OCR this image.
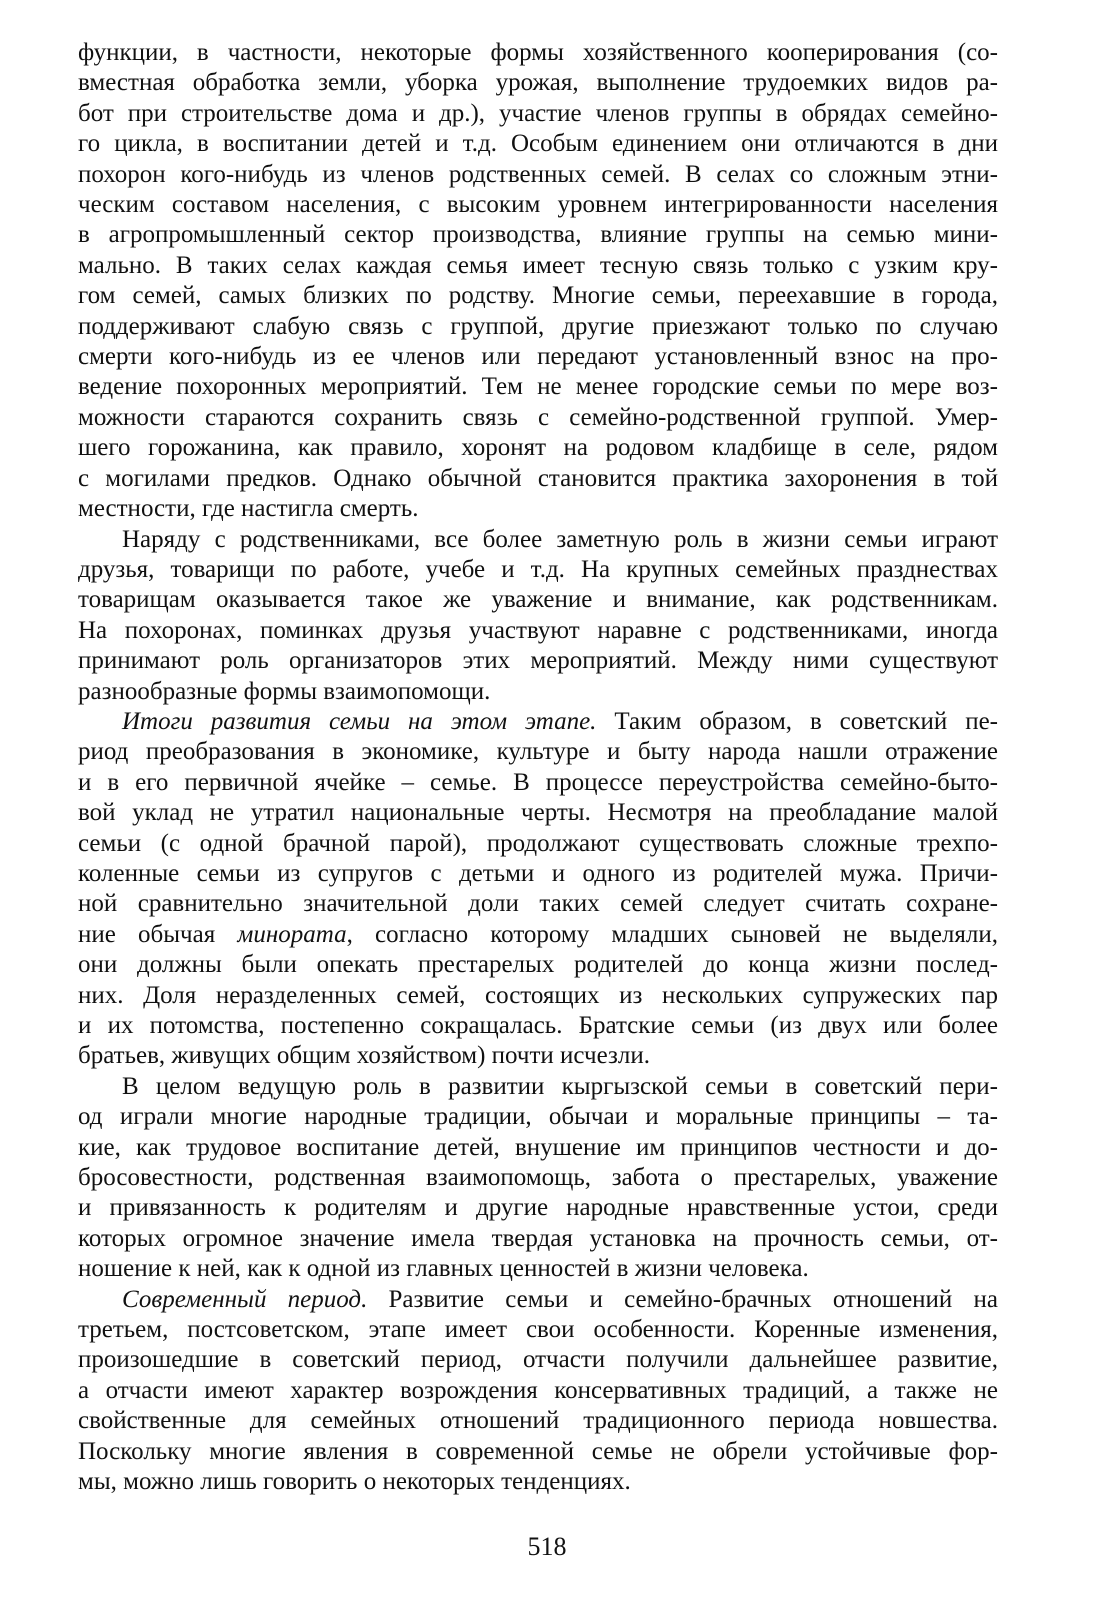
функции, в частности, некоторые формы хозяйственного кооперирования (со-
вместная обработка земли, уборка урожая, выполнение трудоемких видов ра-
бот при строительстве дома и др.), участие членов группы в обрядах семейно-
го цикла, в воспитании детей и т.д. Особым единением они отличаются в дни
похорон кого-нибудь из членов родственных семей. В селах со сложным этни-
ческим составом населения, с высоким уровнем интегрированности населения
в агропромышленный сектор производства, влияние группы на семью мини-
мально. В таких селах каждая семья имеет тесную связь только с узким кру-
гом семей, самых близких по родству. Многие семьи, переехавшие в города,
поддерживают слабую связь с группой, другие приезжают только по случаю
смерти кого-нибудь из ее членов или передают установленный взнос на про-
ведение похоронных мероприятий. Тем не менее городские семьи по мере воз-
можности стараются сохранить связь с семейно-родственной группой. Умер-
шего горожанина, как правило, хоронят на родовом кладбище в селе, рядом
с могилами предков. Однако обычной становится практика захоронения в той
местности, где настигла смерть.
Наряду с родственниками, все более заметную роль в жизни семьи играют
друзья, товарищи по работе, учебе и т.д. На крупных семейных празднествах
товарищам оказывается такое же уважение и внимание, как родственникам.
На похоронах, поминках друзья участвуют наравне с родственниками, иногда
принимают роль организаторов этих мероприятий. Между ними существуют
разнообразные формы взаимопомощи.
Итоги развития семьи на этом этапе. Таким образом, в советский пе-
риод преобразования в экономике, культуре и быту народа нашли отражение
и в его первичной ячейке – семье. В процессе переустройства семейно-быто-
вой уклад не утратил национальные черты. Несмотря на преобладание малой
семьи (с одной брачной парой), продолжают существовать сложные трехпо-
коленные семьи из супругов с детьми и одного из родителей мужа. Причи-
ной сравнительно значительной доли таких семей следует считать сохране-
ние обычая минората, согласно которому младших сыновей не выделяли,
они должны были опекать престарелых родителей до конца жизни послед-
них. Доля неразделенных семей, состоящих из нескольких супружеских пар
и их потомства, постепенно сокращалась. Братские семьи (из двух или более
братьев, живущих общим хозяйством) почти исчезли.
В целом ведущую роль в развитии кыргызской семьи в советский пери-
од играли многие народные традиции, обычаи и моральные принципы – та-
кие, как трудовое воспитание детей, внушение им принципов честности и до-
бросовестности, родственная взаимопомощь, забота о престарелых, уважение
и привязанность к родителям и другие народные нравственные устои, среди
которых огромное значение имела твердая установка на прочность семьи, от-
ношение к ней, как к одной из главных ценностей в жизни человека.
Современный период. Развитие семьи и семейно-брачных отношений на
третьем, постсоветском, этапе имеет свои особенности. Коренные изменения,
произошедшие в советский период, отчасти получили дальнейшее развитие,
а отчасти имеют характер возрождения консервативных традиций, а также не
свойственные для семейных отношений традиционного периода новшества.
Поскольку многие явления в современной семье не обрели устойчивые фор-
мы, можно лишь говорить о некоторых тенденциях.
518
